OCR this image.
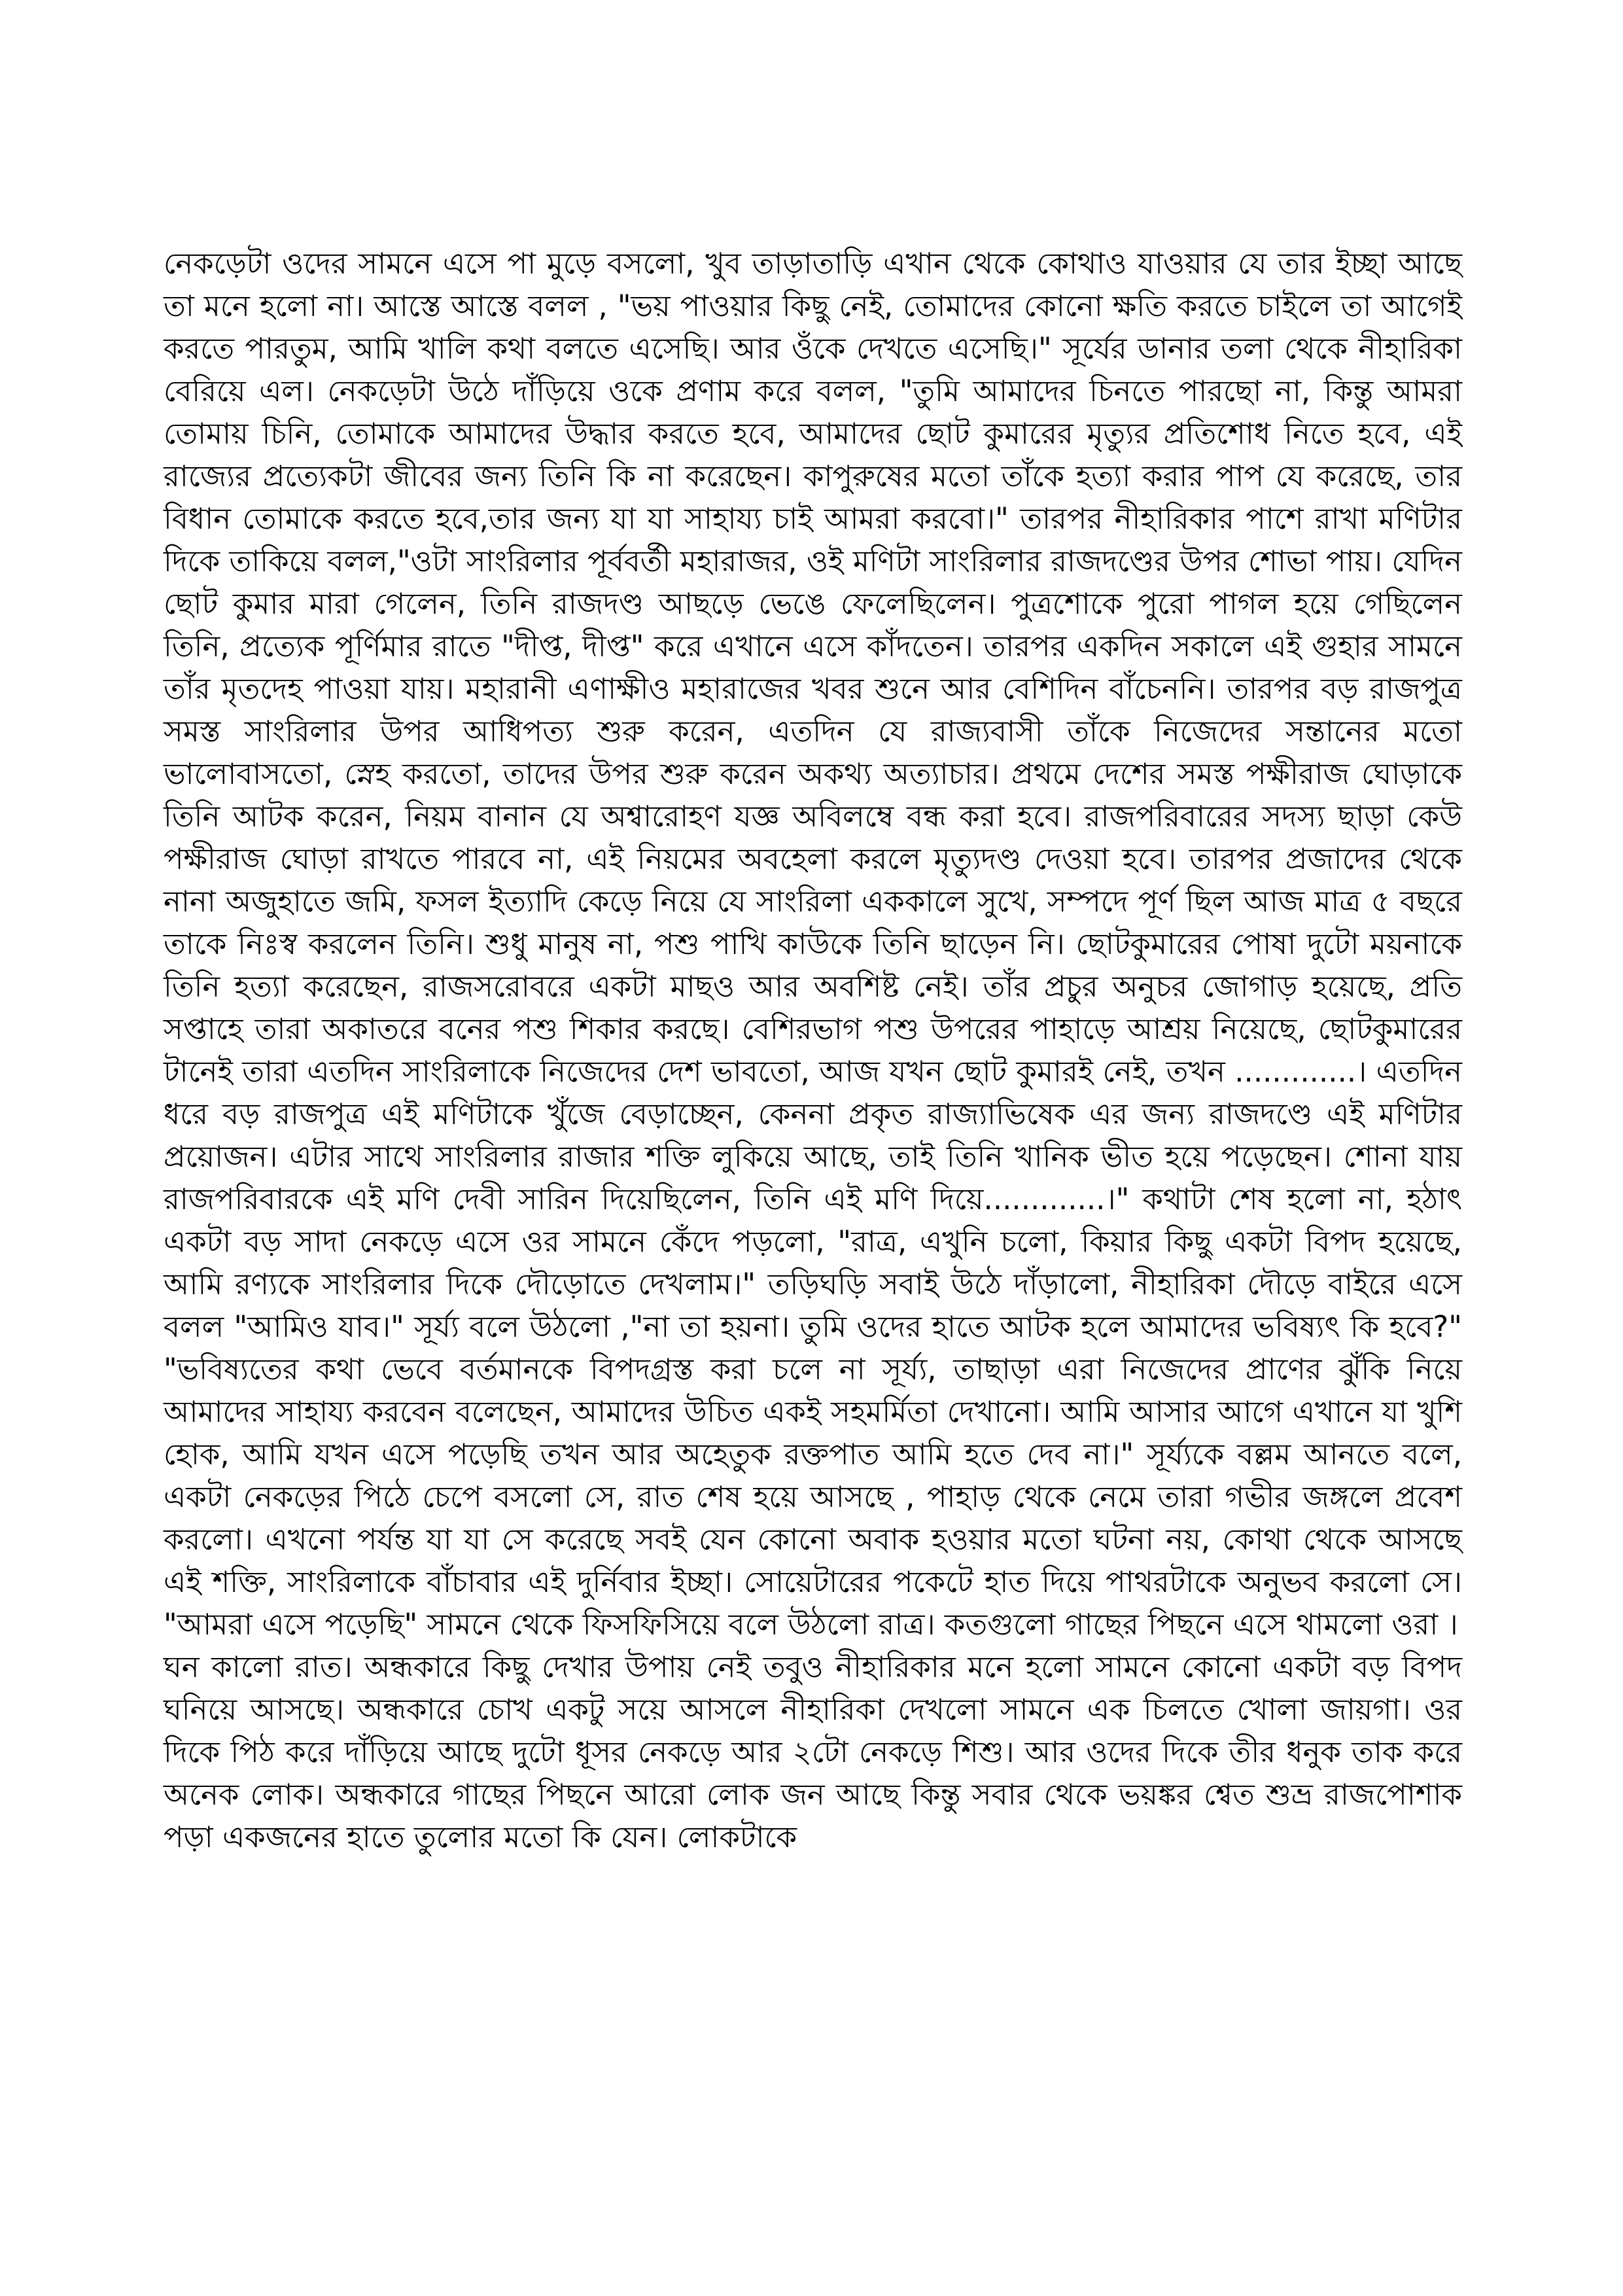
নেকড়েটা ওদের সামনে এসে পা মুড়ে বসলো, খুব তাড়াতাড়ি এখান থেকে কোথাও যাওয়ার যে তার ইচ্ছা আছে তা মনে হলো না। আস্তে আস্তে বলল , "ভয় পাওয়ার কিছু নেই, তোমাদের কোনো ক্ষতি করতে চাইলে তা আগেই করতে পারতুম, আমি খালি কথা বলতে এসেছি। আর ওঁকে দেখতে এসেছি।" সূর্যের ডানার তলা থেকে নীহারিকা বেরিয়ে এল। নেকড়েটা উঠে দাঁড়িয়ে ওকে প্রণাম করে বলল, "তুমি আমাদের চিনতে পারছো না, কিন্তু আমরা তোমায় চিনি, তোমাকে আমাদের উদ্ধার করতে হবে, আমাদের ছোট কুমারের মৃত্যুর প্রতিশোধ নিতে হবে, এই রাজ্যের প্রত্যেকটা জীবের জন্য তিনি কি না করেছেন। কাপুরুষের মতো তাঁকে হত্যা করার পাপ যে করেছে, তার বিধান তোমাকে করতে হবে,তার জন্য যা যা সাহায্য চাই আমরা করবো।" তারপর নীহারিকার পাশে রাখা মণিটার দিকে তাকিয়ে বলল,"ওটা সাংরিলার পূর্ববর্তী মহারাজর, ওই মণিটা সাংরিলার রাজদণ্ডের উপর শোভা পায়। যেদিন ছোট কুমার মারা গেলেন, তিনি রাজদণ্ড আছড়ে ভেঙে ফেলেছিলেন। পুত্রশোকে পুরো পাগল হয়ে গেছিলেন তিনি, প্রত্যেক পূর্ণিমার রাতে "দীপ্ত, দীপ্ত" করে এখানে এসে কাঁদতেন। তারপর একদিন সকালে এই গুহার সামনে তাঁর মৃতদেহ পাওয়া যায়। মহারানী এণাক্ষীও মহারাজের খবর শুনে আর বেশিদিন বাঁচেননি। তারপর বড় রাজপুত্র সমস্ত সাংরিলার উপর আধিপত্য শুরু করেন, এতদিন যে রাজ্যবাসী তাঁকে নিজেদের সন্তানের মতো ভালোবাসতো, স্নেহ করতো, তাদের উপর শুরু করেন অকথ্য অত্যাচার। প্রথমে দেশের সমস্ত পক্ষীরাজ ঘোড়াকে তিনি আটক করেন, নিয়ম বানান যে অশ্বারোহণ যজ্ঞ অবিলম্বে বন্ধ করা হবে। রাজপরিবারের সদস্য ছাড়া কেউ পক্ষীরাজ ঘোড়া রাখতে পারবে না, এই নিয়মের অবহেলা করলে মৃত্যুদণ্ড দেওয়া হবে। তারপর প্রজাদের থেকে নানা অজুহাতে জমি, ফসল ইত্যাদি কেড়ে নিয়ে যে সাংরিলা এককালে সুখে, সম্পদে পূর্ণ ছিল আজ মাত্র ৫ বছরে তাকে নিঃস্ব করলেন তিনি। শুধু মানুষ না, পশু পাখি কাউকে তিনি ছাড়েন নি। ছোটকুমারের পোষা দুটো ময়নাকে তিনি হত্যা করেছেন, রাজসরোবরে একটা মাছও আর অবশিষ্ট নেই। তাঁর প্রচুর অনুচর জোগাড় হয়েছে, প্রতি সপ্তাহে তারা অকাতরে বনের পশু শিকার করছে। বেশিরভাগ পশু উপরের পাহাড়ে আশ্রয় নিয়েছে, ছোটকুমারের টানেই তারা এতদিন সাংরিলাকে নিজেদের দেশ ভাবতো, আজ যখন ছোট কুমারই নেই, তখন .............। এতদিন ধরে বড় রাজপুত্র এই মণিটাকে খুঁজে বেড়াচ্ছেন, কেননা প্রকৃত রাজ্যাভিষেক এর জন্য রাজদণ্ডে এই মণিটার প্রয়োজন। এটার সাথে সাংরিলার রাজার শক্তি লুকিয়ে আছে, তাই তিনি খানিক ভীত হয়ে পড়েছেন। শোনা যায় রাজপরিবারকে এই মণি দেবী সারিন দিয়েছিলেন, তিনি এই মণি দিয়ে.............।" কথাটা শেষ হলো না, হঠাৎ একটা বড় সাদা নেকড়ে এসে ওর সামনে কেঁদে পড়লো, "রাত্র, এখুনি চলো, কিয়ার কিছু একটা বিপদ হয়েছে, আমি রণ্যকে সাংরিলার দিকে দৌড়োতে দেখলাম।" তড়িঘড়ি সবাই উঠে দাঁড়ালো, নীহারিকা দৌড়ে বাইরে এসে বলল "আমিও যাব।" সূর্য্য বলে উঠলো ,"না তা হয়না। তুমি ওদের হাতে আটক হলে আমাদের ভবিষ্যৎ কি হবে?" "ভবিষ্যতের কথা ভেবে বর্তমানকে বিপদগ্রস্ত করা চলে না সূর্য্য, তাছাড়া এরা নিজেদের প্রাণের ঝুঁকি নিয়ে আমাদের সাহায্য করবেন বলেছেন, আমাদের উচিত একই সহমর্মিতা দেখানো। আমি আসার আগে এখানে যা খুশি হোক, আমি যখন এসে পড়েছি তখন আর অহেতুক রক্তপাত আমি হতে দেব না।" সূর্য্যকে বল্লম আনতে বলে, একটা নেকড়ের পিঠে চেপে বসলো সে, রাত শেষ হয়ে আসছে , পাহাড় থেকে নেমে তারা গভীর জঙ্গলে প্রবেশ করলো। এখনো পর্যন্ত যা যা সে করেছে সবই যেন কোনো অবাক হওয়ার মতো ঘটনা নয়, কোথা থেকে আসছে এই শক্তি, সাংরিলাকে বাঁচাবার এই দুর্নিবার ইচ্ছা। সোয়েটারের পকেটে হাত দিয়ে পাথরটাকে অনুভব করলো সে। "আমরা এসে পড়েছি" সামনে থেকে ফিসফিসিয়ে বলে উঠলো রাত্র। কতগুলো গাছের পিছনে এসে থামলো ওরা ।

ঘন কালো রাত। অন্ধকারে কিছু দেখার উপায় নেই তবুও নীহারিকার মনে হলো সামনে কোনো একটা বড় বিপদ ঘনিয়ে আসছে। অন্ধকারে চোখ একটু সয়ে আসলে নীহারিকা দেখলো সামনে এক চিলতে খোলা জায়গা। ওর দিকে পিঠ করে দাঁড়িয়ে আছে দুটো ধূসর নেকড়ে আর ২টো নেকড়ে শিশু। আর ওদের দিকে তীর ধনুক তাক করে অনেক লোক। অন্ধকারে গাছের পিছনে আরো লোক জন আছে কিন্তু সবার থেকে ভয়ঙ্কর শ্বেত শুভ্র রাজপোশাক পড়া একজনের হাতে তুলোর মতো কি যেন। লোকটাকে
